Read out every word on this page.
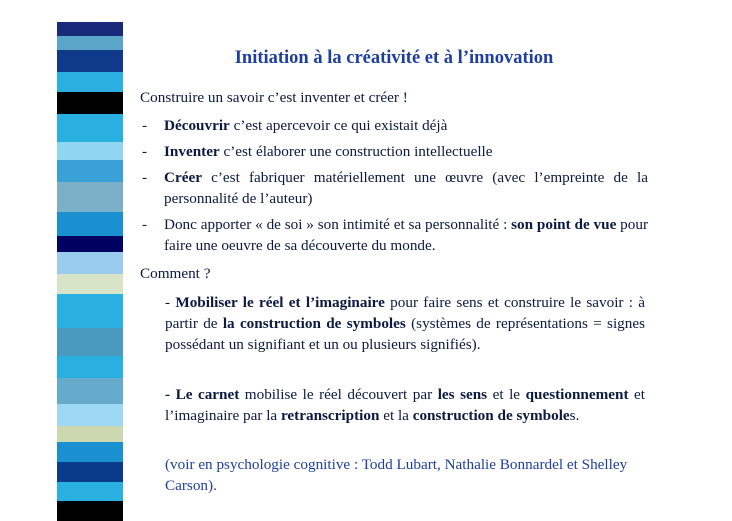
Initiation à la créativité et à l’innovation
Construire un savoir c’est inventer et créer !
- Découvrir c’est apercevoir ce qui existait déjà
- Inventer c’est élaborer une construction intellectuelle
- Créer c’est fabriquer matériellement une œuvre (avec l’empreinte de la personnalité de l’auteur)
- Donc apporter « de soi » son intimité et sa personnalité : son point de vue pour faire une oeuvre de sa découverte du monde.
Comment ?
- Mobiliser le réel et l’imaginaire pour faire sens et construire le savoir : à partir de la construction de symboles (systèmes de représentations = signes possédant un signifiant et un ou plusieurs signifiés).
- Le carnet mobilise le réel découvert par les sens et le questionnement et l’imaginaire par la retranscription et la construction de symboles.
(voir en psychologie cognitive : Todd Lubart, Nathalie Bonnardel et Shelley Carson).
